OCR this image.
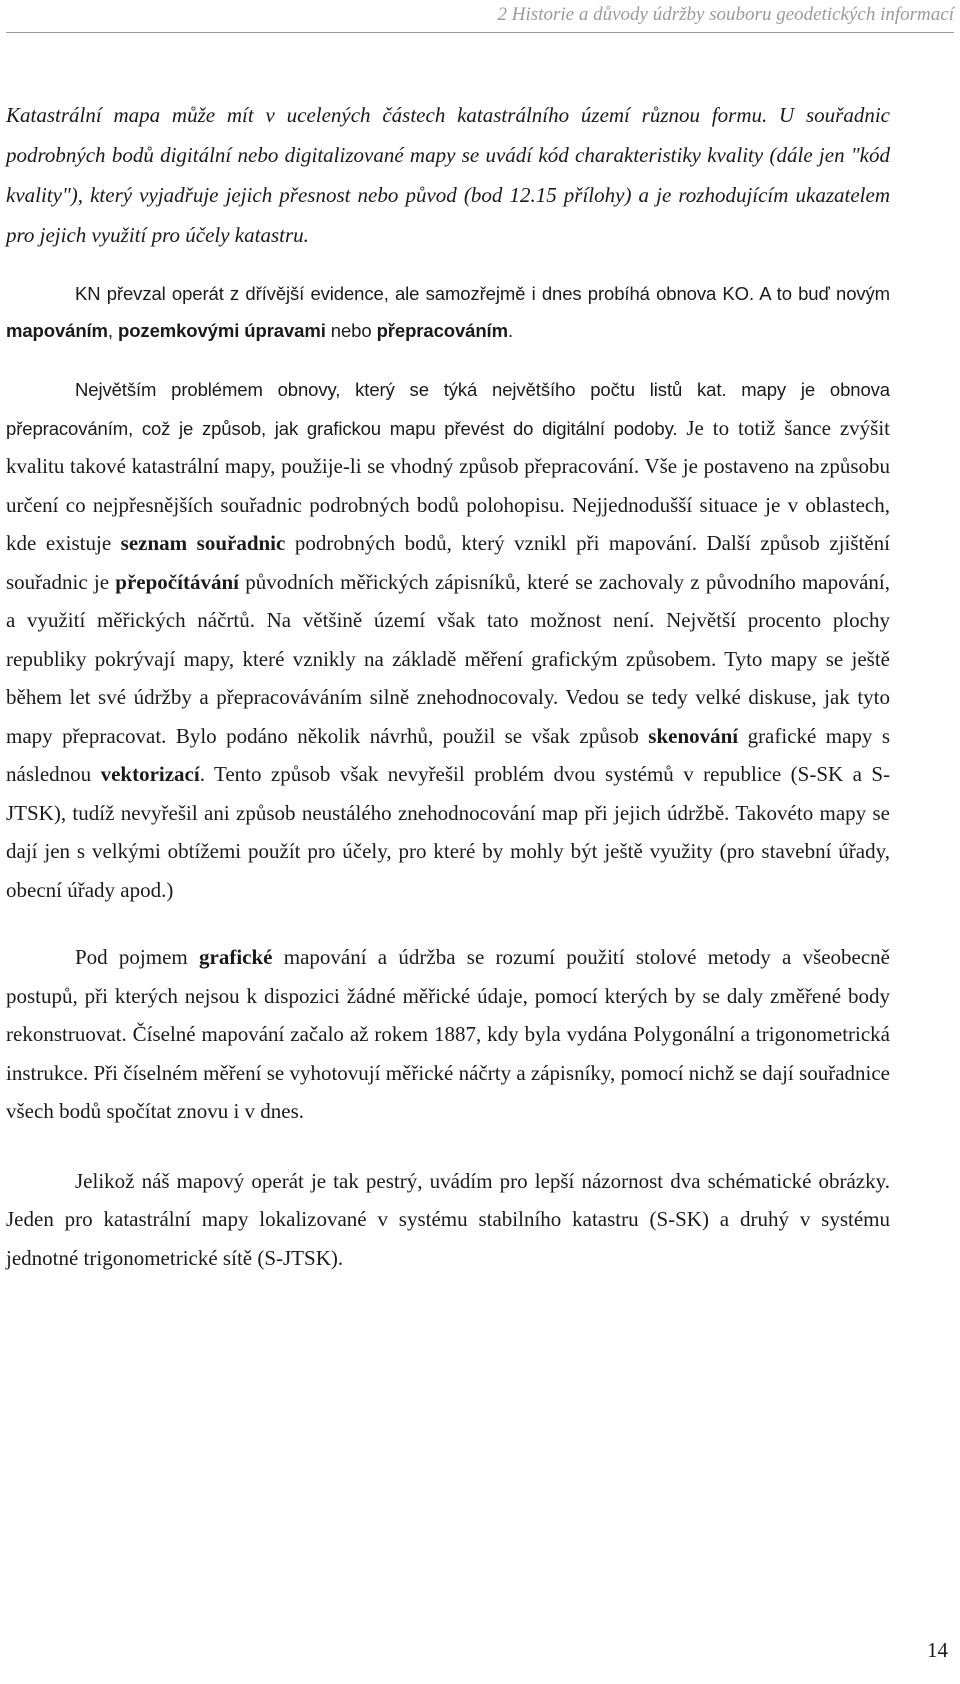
2 Historie a důvody údržby souboru geodetických informací

Katastrální mapa může mít v ucelených částech katastrálního území různou formu. U souřadnic podrobných bodů digitální nebo digitalizované mapy se uvádí kód charakteristiky kvality (dále jen "kód kvality"), který vyjadřuje jejich přesnost nebo původ (bod 12.15 přílohy) a je rozhodujícím ukazatelem pro jejich využití pro účely katastru.

KN převzal operát z dřívější evidence, ale samozřejmě i dnes probíhá obnova KO. A to buď novým mapováním, pozemkovými úpravami nebo přepracováním.

Největším problémem obnovy, který se týká největšího počtu listů kat. mapy je obnova přepracováním, což je způsob, jak grafickou mapu převést do digitální podoby. Je to totiž šance zvýšit kvalitu takové katastrální mapy, použije-li se vhodný způsob přepracování. Vše je postaveno na způsobu určení co nejpřesnějších souřadnic podrobných bodů polohopisu. Nejjednodušší situace je v oblastech, kde existuje seznam souřadnic podrobných bodů, který vznikl při mapování. Další způsob zjištění souřadnic je přepočítávání původních měřických zápisníků, které se zachovaly z původního mapování, a využití měřických náčrtů. Na většině území však tato možnost není. Největší procento plochy republiky pokrývají mapy, které vznikly na základě měření grafickým způsobem. Tyto mapy se ještě během let své údržby a přepracováváním silně znehodnocovaly. Vedou se tedy velké diskuse, jak tyto mapy přepracovat. Bylo podáno několik návrhů, použil se však způsob skenování grafické mapy s následnou vektorizací. Tento způsob však nevyřešil problém dvou systémů v republice (S-SK a S-JTSK), tudíž nevyřešil ani způsob neustálého znehodnocování map při jejich údržbě. Takovéto mapy se dají jen s velkými obtížemi použít pro účely, pro které by mohly být ještě využity (pro stavební úřady, obecní úřady apod.)

Pod pojmem grafické mapování a údržba se rozumí použití stolové metody a všeobecně postupů, při kterých nejsou k dispozici žádné měřické údaje, pomocí kterých by se daly změřené body rekonstruovat. Číselné mapování začalo až rokem 1887, kdy byla vydána Polygonální a trigonometrická instrukce. Při číselném měření se vyhotovují měřické náčrty a zápisníky, pomocí nichž se dají souřadnice všech bodů spočítat znovu i v dnes.

Jelikož náš mapový operát je tak pestrý, uvádím pro lepší názornost dva schématické obrázky. Jeden pro katastrální mapy lokalizované v systému stabilního katastru (S-SK) a druhý v systému jednotné trigonometrické sítě (S-JTSK).

14
